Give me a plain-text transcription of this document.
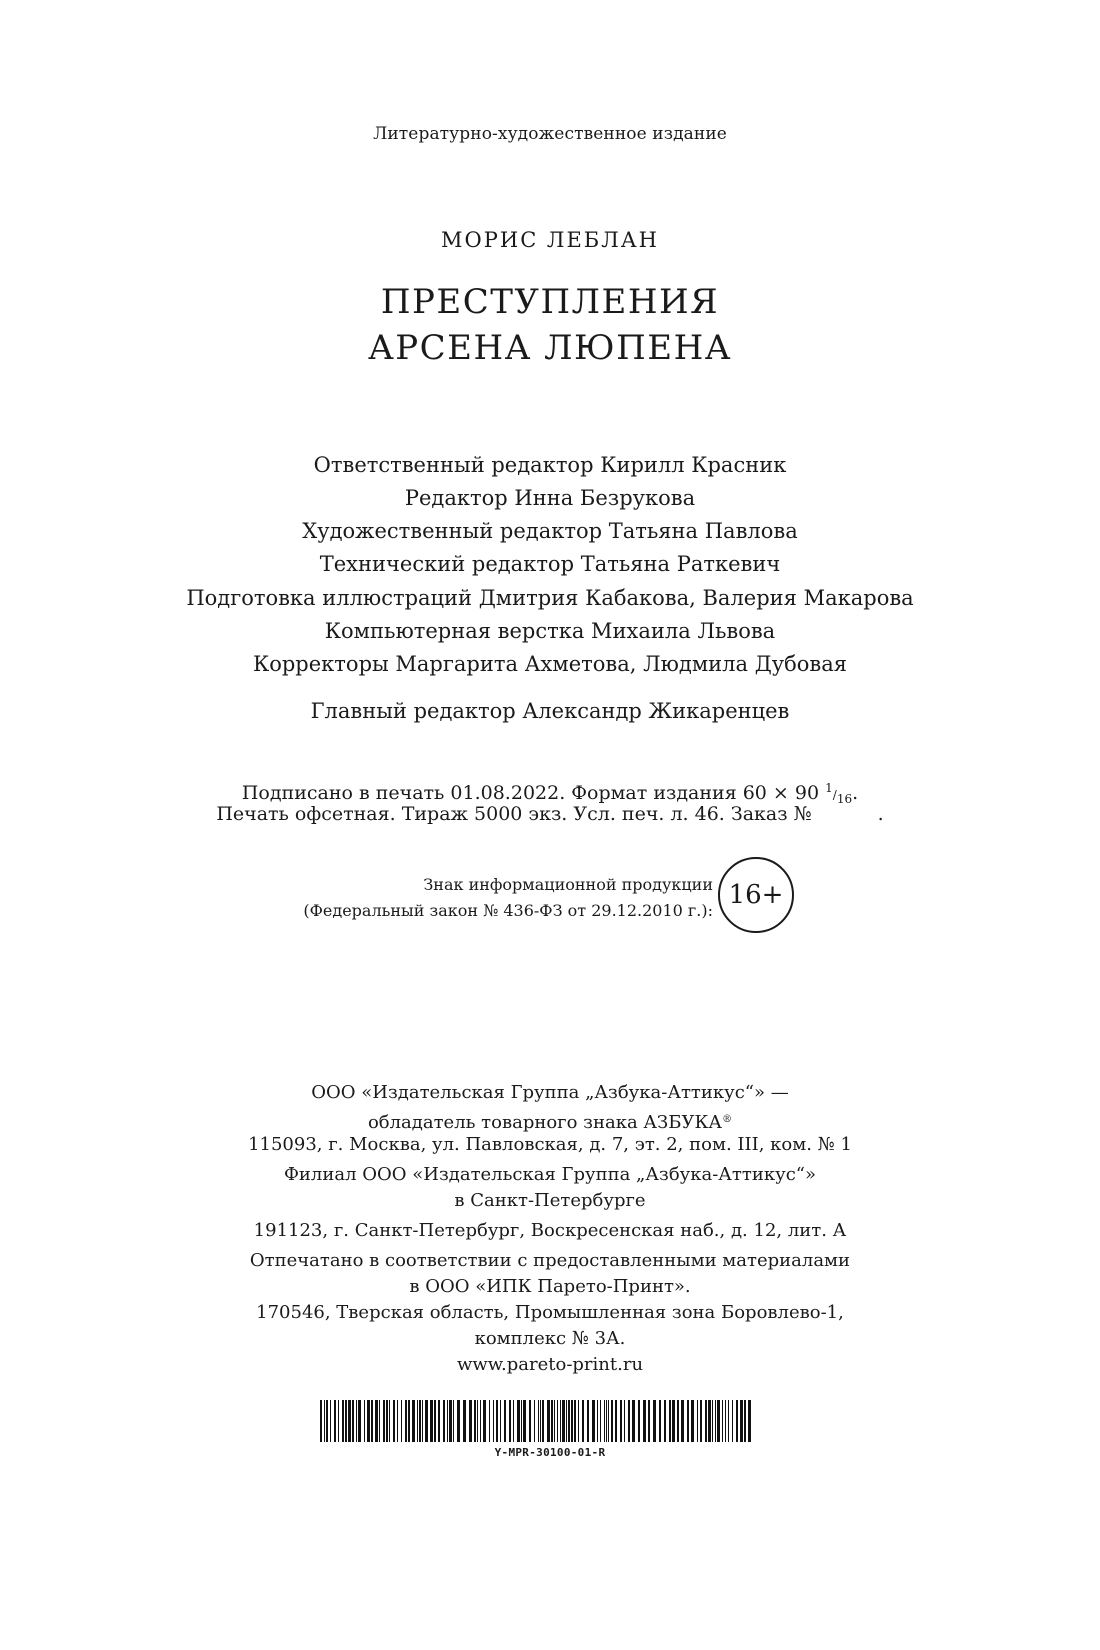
Литературно-художественное издание
МОРИС ЛЕБЛАН
ПРЕСТУПЛЕНИЯ
АРСЕНА ЛЮПЕНА
Ответственный редактор Кирилл Красник
Редактор Инна Безрукова
Художественный редактор Татьяна Павлова
Технический редактор Татьяна Раткевич
Подготовка иллюстраций Дмитрия Кабакова, Валерия Макарова
Компьютерная верстка Михаила Львова
Корректоры Маргарита Ахметова, Людмила Дубовая
Главный редактор Александр Жикаренцев
Подписано в печать 01.08.2022. Формат издания 60 × 90 $^1/_{16}$.
Печать офсетная. Тираж 5000 экз. Усл. печ. л. 46. Заказ №	.
Знак информационной продукции
(Федеральный закон № 436-ФЗ от 29.12.2010 г.):
16+
ООО «Издательская Группа „Азбука-Аттикус“» —
обладатель товарного знака АЗБУКА®
115093, г. Москва, ул. Павловская, д. 7, эт. 2, пом. III, ком. № 1
Филиал ООО «Издательская Группа „Азбука-Аттикус“»
в Санкт-Петербурге
191123, г. Санкт-Петербург, Воскресенская наб., д. 12, лит. А
Отпечатано в соответствии с предоставленными материалами
в ООО «ИПК Парето-Принт».
170546, Тверская область, Промышленная зона Боровлево-1,
комплекс № 3А.
www.pareto-print.ru
Y-MPR-30100-01-R
